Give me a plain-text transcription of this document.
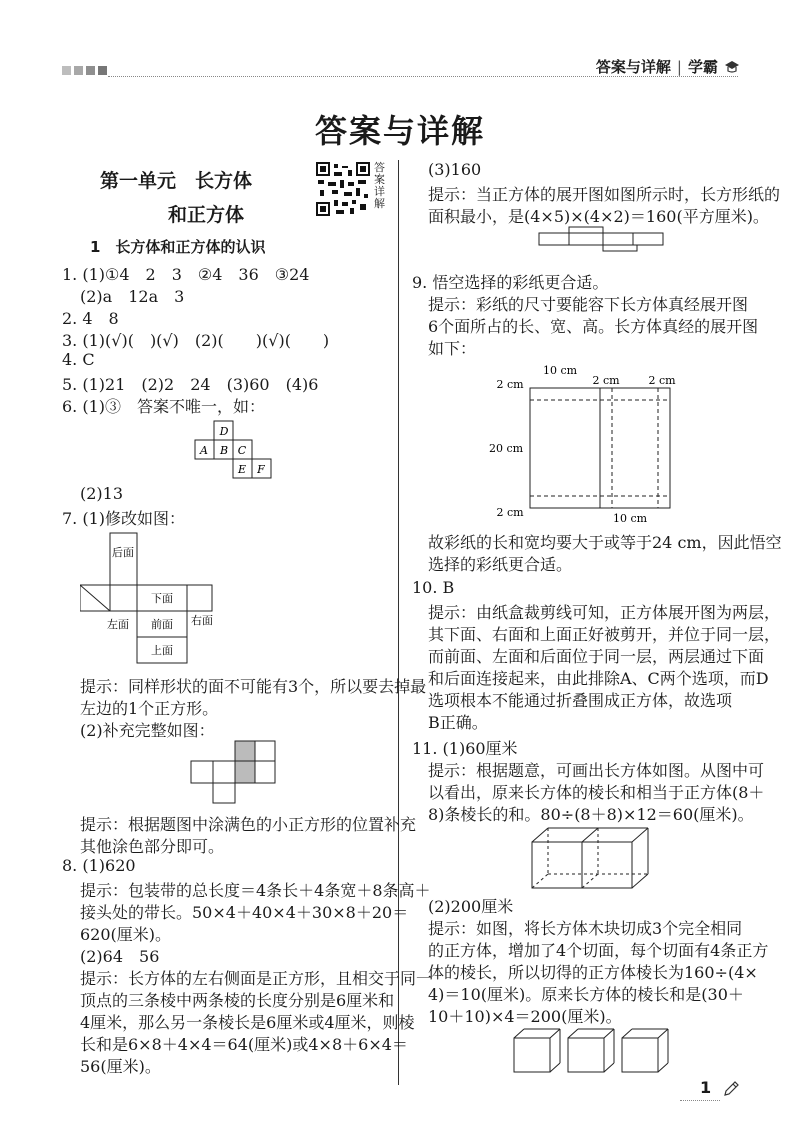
答案与详解 | 学霸
答案与详解
第一单元　长方体
和正方体
答案详解
1　长方体和正方体的认识
1. (1)①4　2　3　②4　36　③24
(2)a　12a　3
2. 4　8
3. (1)(√)(　)(√)　(2)(　　)(√)(　　)
4. C
5. (1)21　(2)2　24　(3)60　(4)6
6. (1)③　答案不唯一，如：
D
A B C
E F
(2)13
7. (1)修改如图：
后面
下面
左面 前面 右面
上面
提示：同样形状的面不可能有3个，所以要去掉最
左边的1个正方形。
(2)补充完整如图：
提示：根据题图中涂满色的小正方形的位置补充
其他涂色部分即可。
8. (1)620
提示：包装带的总长度＝4条长＋4条宽＋8条高＋
接头处的带长。50×4＋40×4＋30×8＋20＝
620(厘米)。
(2)64　56
提示：长方体的左右侧面是正方形，且相交于同一
顶点的三条棱中两条棱的长度分别是6厘米和
4厘米，那么另一条棱长是6厘米或4厘米，则棱
长和是6×8＋4×4＝64(厘米)或4×8＋6×4＝
56(厘米)。
(3)160
提示：当正方体的展开图如图所示时，长方形纸的
面积最小，是(4×5)×(4×2)＝160(平方厘米)。
9. 悟空选择的彩纸更合适。
提示：彩纸的尺寸要能容下长方体真经展开图
6个面所占的长、宽、高。长方体真经的展开图
如下：
10 cm
2 cm	2 cm	2 cm
20 cm
2 cm	10 cm
故彩纸的长和宽均要大于或等于24 cm，因此悟空
选择的彩纸更合适。
10. B
提示：由纸盒裁剪线可知，正方体展开图为两层，
其下面、右面和上面正好被剪开，并位于同一层，
而前面、左面和后面位于同一层，两层通过下面
和后面连接起来，由此排除A、C两个选项，而D
选项根本不能通过折叠围成正方体，故选项
B正确。
11. (1)60厘米
提示：根据题意，可画出长方体如图。从图中可
以看出，原来长方体的棱长和相当于正方体(8＋
8)条棱长的和。80÷(8＋8)×12＝60(厘米)。
(2)200厘米
提示：如图，将长方体木块切成3个完全相同
的正方体，增加了4个切面，每个切面有4条正方
体的棱长，所以切得的正方体棱长为160÷(4×
4)＝10(厘米)。原来长方体的棱长和是(30＋
10＋10)×4＝200(厘米)。
1
